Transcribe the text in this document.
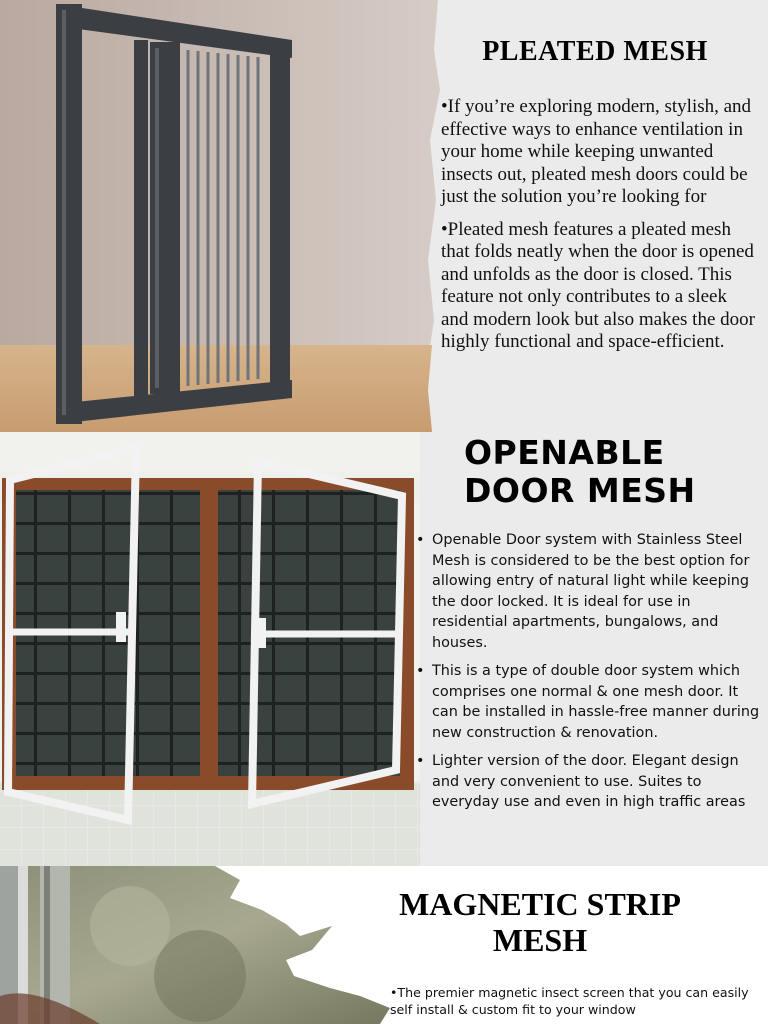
PLEATED MESH
•If you’re exploring modern, stylish, and effective ways to enhance ventilation in your home while keeping unwanted insects out, pleated mesh doors could be just the solution you’re looking for
•Pleated mesh features a pleated mesh that folds neatly when the door is opened and unfolds as the door is closed. This feature not only contributes to a sleek and modern look but also makes the door highly functional and space-efficient.
OPENABLE DOOR MESH
• Openable Door system with Stainless Steel Mesh is considered to be the best option for allowing entry of natural light while keeping the door locked. It is ideal for use in residential apartments, bungalows, and houses.
• This is a type of double door system which comprises one normal & one mesh door. It can be installed in hassle-free manner during new construction & renovation.
• Lighter version of the door. Elegant design and very convenient to use. Suites to everyday use and even in high traffic areas
MAGNETIC STRIP MESH
•The premier magnetic insect screen that you can easily self install & custom fit to your window
